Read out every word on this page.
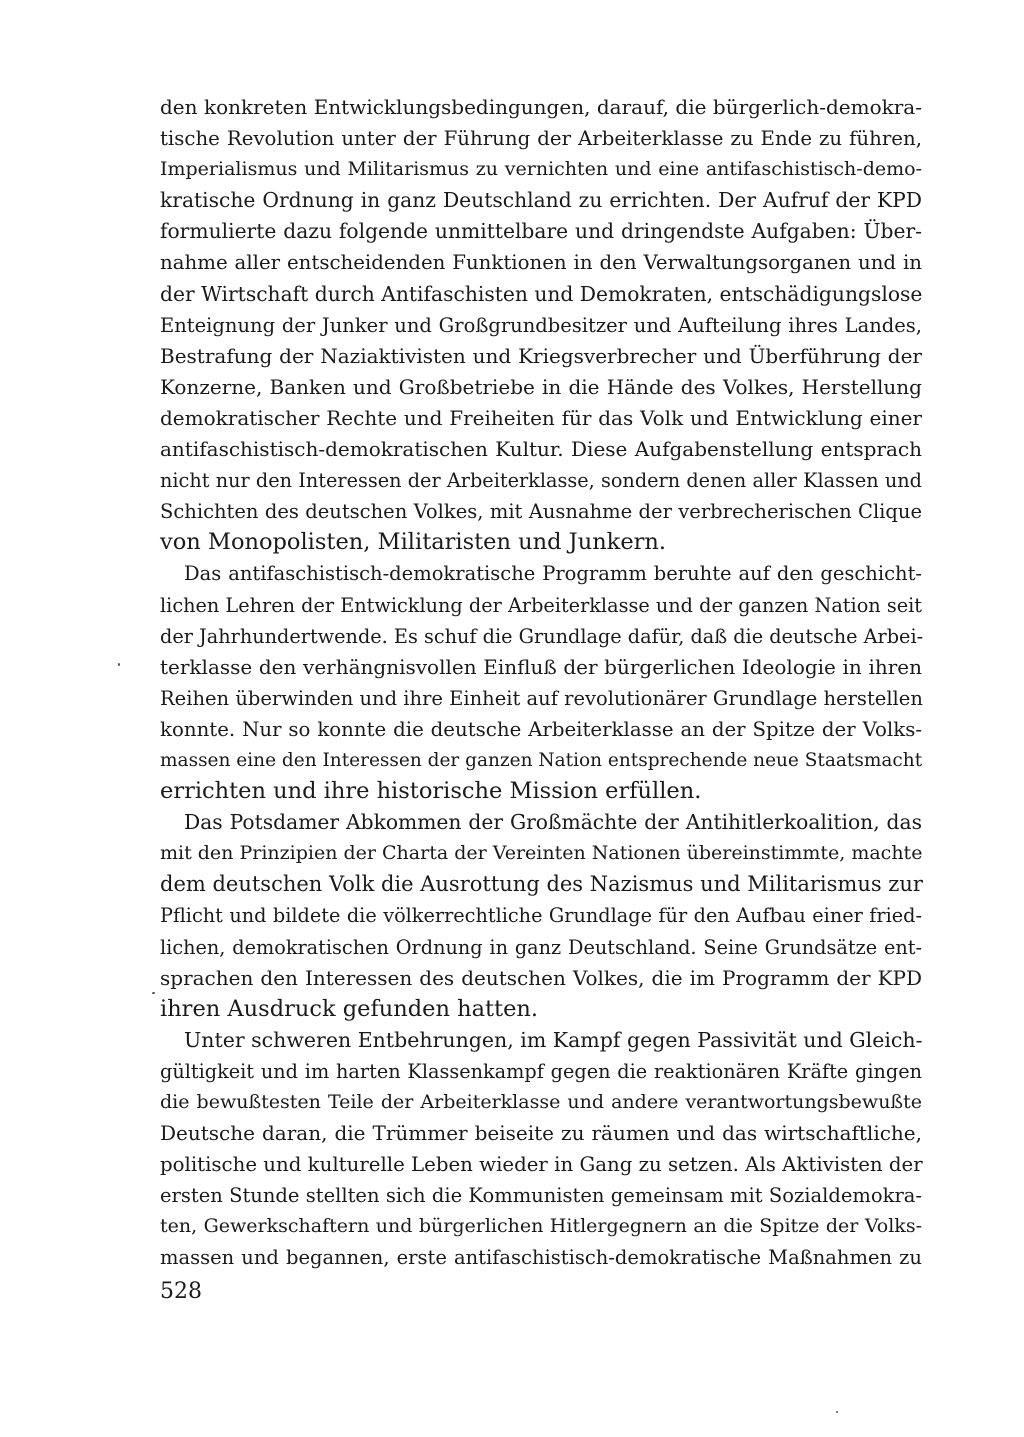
den konkreten Entwicklungsbedingungen, darauf, die bürgerlich-demokra-
tische Revolution unter der Führung der Arbeiterklasse zu Ende zu führen,
Imperialismus und Militarismus zu vernichten und eine antifaschistisch-demo-
kratische Ordnung in ganz Deutschland zu errichten. Der Aufruf der KPD
formulierte dazu folgende unmittelbare und dringendste Aufgaben: Über-
nahme aller entscheidenden Funktionen in den Verwaltungsorganen und in
der Wirtschaft durch Antifaschisten und Demokraten, entschädigungslose
Enteignung der Junker und Großgrundbesitzer und Aufteilung ihres Landes,
Bestrafung der Naziaktivisten und Kriegsverbrecher und Überführung der
Konzerne, Banken und Großbetriebe in die Hände des Volkes, Herstellung
demokratischer Rechte und Freiheiten für das Volk und Entwicklung einer
antifaschistisch-demokratischen Kultur. Diese Aufgabenstellung entsprach
nicht nur den Interessen der Arbeiterklasse, sondern denen aller Klassen und
Schichten des deutschen Volkes, mit Ausnahme der verbrecherischen Clique
von Monopolisten, Militaristen und Junkern.
Das antifaschistisch-demokratische Programm beruhte auf den geschicht-
lichen Lehren der Entwicklung der Arbeiterklasse und der ganzen Nation seit
der Jahrhundertwende. Es schuf die Grundlage dafür, daß die deutsche Arbei-
terklasse den verhängnisvollen Einfluß der bürgerlichen Ideologie in ihren
Reihen überwinden und ihre Einheit auf revolutionärer Grundlage herstellen
konnte. Nur so konnte die deutsche Arbeiterklasse an der Spitze der Volks-
massen eine den Interessen der ganzen Nation entsprechende neue Staatsmacht
errichten und ihre historische Mission erfüllen.
Das Potsdamer Abkommen der Großmächte der Antihitlerkoalition, das
mit den Prinzipien der Charta der Vereinten Nationen übereinstimmte, machte
dem deutschen Volk die Ausrottung des Nazismus und Militarismus zur
Pflicht und bildete die völkerrechtliche Grundlage für den Aufbau einer fried-
lichen, demokratischen Ordnung in ganz Deutschland. Seine Grundsätze ent-
sprachen den Interessen des deutschen Volkes, die im Programm der KPD
ihren Ausdruck gefunden hatten.
Unter schweren Entbehrungen, im Kampf gegen Passivität und Gleich-
gültigkeit und im harten Klassenkampf gegen die reaktionären Kräfte gingen
die bewußtesten Teile der Arbeiterklasse und andere verantwortungsbewußte
Deutsche daran, die Trümmer beiseite zu räumen und das wirtschaftliche,
politische und kulturelle Leben wieder in Gang zu setzen. Als Aktivisten der
ersten Stunde stellten sich die Kommunisten gemeinsam mit Sozialdemokra-
ten, Gewerkschaftern und bürgerlichen Hitlergegnern an die Spitze der Volks-
massen und begannen, erste antifaschistisch-demokratische Maßnahmen zu
528
